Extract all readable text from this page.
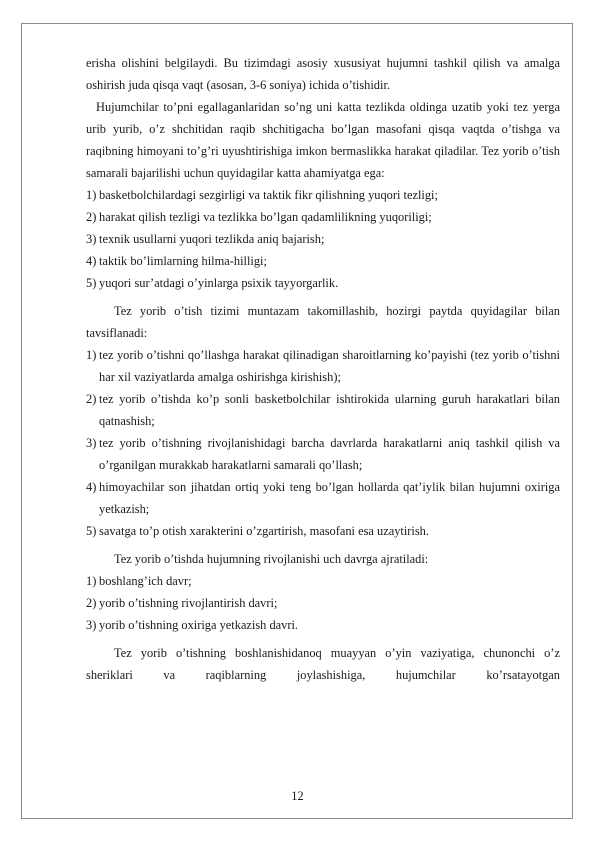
erisha olishini belgilaydi. Bu tizimdagi asosiy xususiyat hujumni tashkil qilish va amalga oshirish juda qisqa vaqt (asosan, 3-6 soniya) ichida o’tishidir.

Hujumchilar to’pni egallaganlaridan so’ng uni katta tezlikda oldinga uzatib yoki tez yerga urib yurib, o’z shchitidan raqib shchitigacha bo’lgan masofani qisqa vaqtda o’tishga va raqibning himoyani to’g’ri uyushtirishiga imkon bermaslikka harakat qiladilar. Tez yorib o’tish samarali bajarilishi uchun quyidagilar katta ahamiyatga ega:

1) basketbolchilardagi sezgirligi va taktik fikr qilishning yuqori tezligi;
2) harakat qilish tezligi va tezlikka bo’lgan qadamlilikning yuqoriligi;
3) texnik usullarni yuqori tezlikda aniq bajarish;
4) taktik bo’limlarning hilma-hilligi;
5) yuqori sur’atdagi o’yinlarga psixik tayyorgarlik.

Tez yorib o’tish tizimi muntazam takomillashib, hozirgi paytda quyidagilar bilan tavsiflanadi:

1) tez yorib o’tishni qo’llashga harakat qilinadigan sharoitlarning ko’payishi (tez yorib o’tishni har xil vaziyatlarda amalga oshirishga kirishish);
2) tez yorib o’tishda ko’p sonli basketbolchilar ishtirokida ularning guruh harakatlari bilan qatnashish;
3) tez yorib o’tishning rivojlanishidagi barcha davrlarda harakatlarni aniq tashkil qilish va o’rganilgan murakkab harakatlarni samarali qo’llash;
4) himoyachilar son jihatdan ortiq yoki teng bo’lgan hollarda qat’iylik bilan hujumni oxiriga yetkazish;
5) savatga to’p otish xarakterini o’zgartirish, masofani esa uzaytirish.

Tez yorib o’tishda hujumning rivojlanishi uch davrga ajratiladi:

1) boshlang’ich davr;
2) yorib o’tishning rivojlantirish davri;
3) yorib o’tishning oxiriga yetkazish davri.

Tez yorib o’tishning boshlanishidanoq muayyan o’yin vaziyatiga, chunonchi o’z sheriklari va raqiblarning joylashishiga, hujumchilar ko’rsatayotgan

12
